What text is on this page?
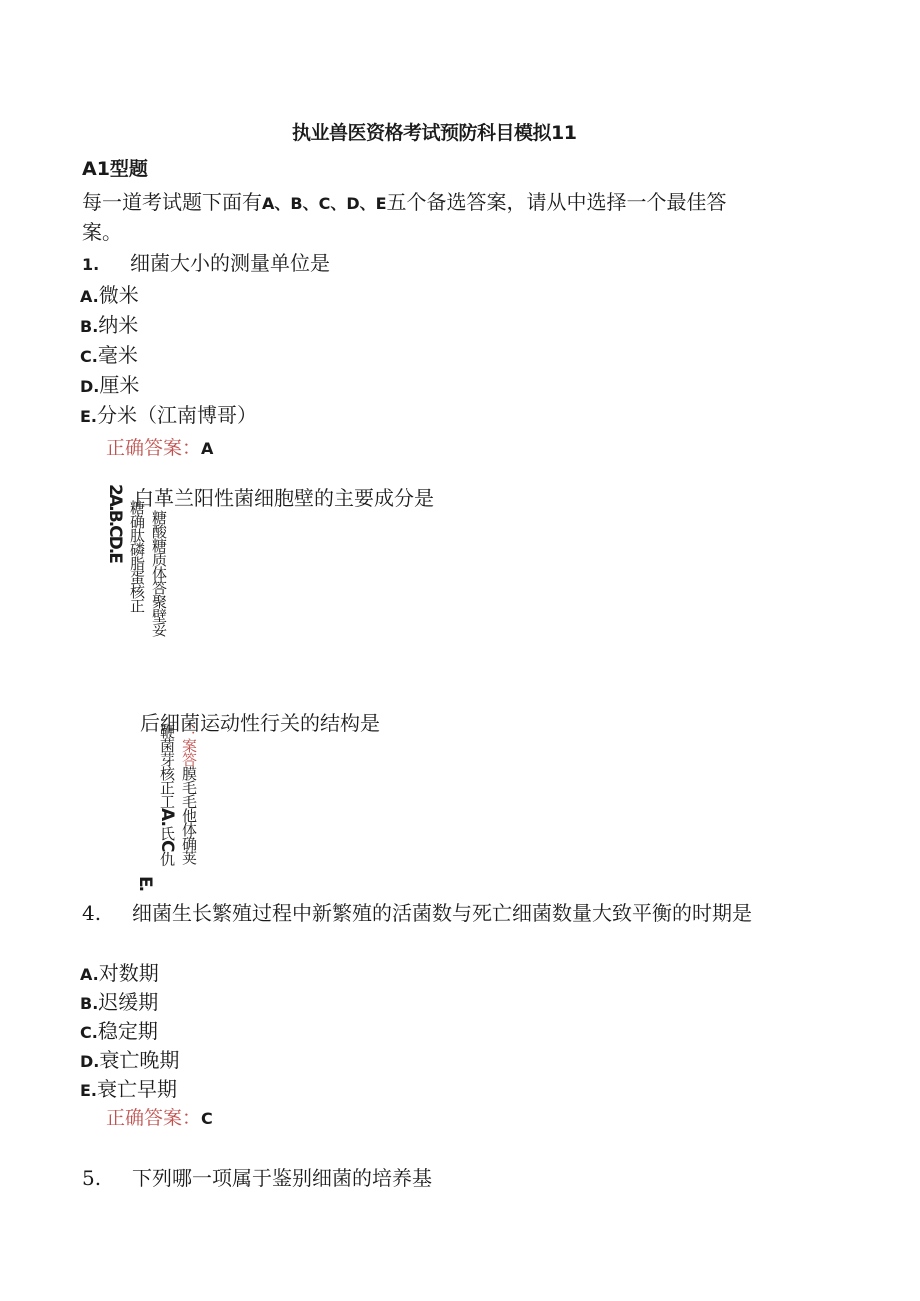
执业兽医资格考试预防科目模拟11
A1型题
每一道考试题下面有A、B、C、D、E五个备选答案，请从中选择一个最佳答
案。
1. 细菌大小的测量单位是
A.微米
B.纳米
C.毫米
D.厘米
E.分米（江南博哥）
正确答案：A
白革兰阳性菌细胞壁的主要成分是
2A.B.CD.E 糖确肽磷脂蛋核正 糖酸糖质体答聚壁妥
后细菌运动性行关的结构是
鞭菌芽核正工A.氏C仇
E.
：案答膜毛毛他体确荚
4. 细菌生长繁殖过程中新繁殖的活菌数与死亡细菌数量大致平衡的时期是
A.对数期
B.迟缓期
C.稳定期
D.衰亡晚期
E.衰亡早期
正确答案：C
5. 下列哪一项属于鉴别细菌的培养基
